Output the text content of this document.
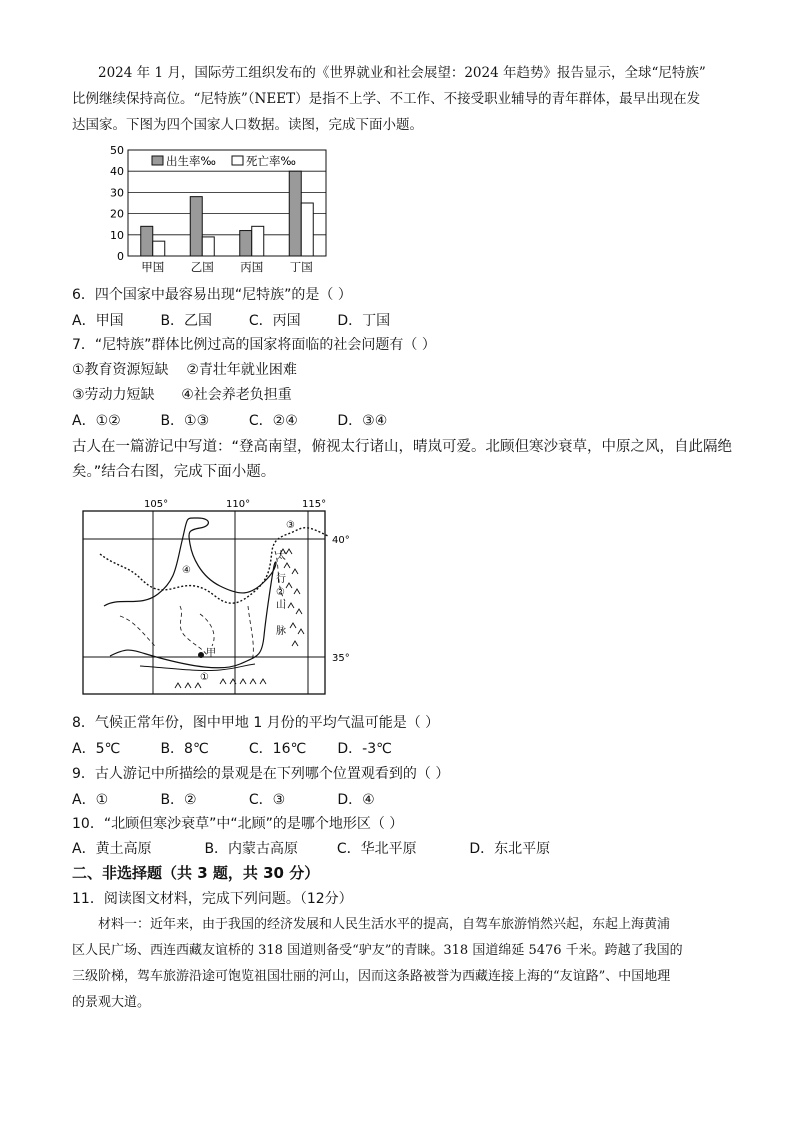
2024 年 1 月，国际劳工组织发布的《世界就业和社会展望：2024 年趋势》报告显示，全球“尼特族”
比例继续保持高位。“尼特族”（NEET）是指不上学、不工作、不接受职业辅导的青年群体，最早出现在发
达国家。下图为四个国家人口数据。读图，完成下面小题。
0
10
20
30
40
50
甲国 乙国 丙国 丁国
出生率‰	死亡率‰
6．四个国家中最容易出现“尼特族”的是（ ）
A．甲国	B．乙国	C．丙国	D．丁国
7．“尼特族”群体比例过高的国家将面临的社会问题有（ ）
①教育资源短缺    ②青壮年就业困难
③劳动力短缺      ④社会养老负担重
A．①②	B．①③	C．②④	D．③④
古人在一篇游记中写道：“登高南望，俯视太行诸山，晴岚可爱。北顾但寒沙衰草，中原之风，自此隔绝
矣。”结合右图，完成下面小题。
105°	110°	115°
40°
35°
太
行
山
脉
①
②
③
④
甲
8．气候正常年份，图中甲地 1 月份的平均气温可能是（ ）
A．5℃	B．8℃	C．16℃ D．-3℃
9．古人游记中所描绘的景观是在下列哪个位置观看到的（ ）
A．①	B．②	C．③	D．④
10．“北顾但寒沙衰草”中“北顾”的是哪个地形区（ ）
A．黄土高原	B．内蒙古高原	C．华北平原	D．东北平原
二、非选择题（共 3 题，共 30 分）
11．阅读图文材料，完成下列问题。（12分）
材料一：近年来，由于我国的经济发展和人民生活水平的提高，自驾车旅游悄然兴起，东起上海黄浦
区人民广场、西连西藏友谊桥的 318 国道则备受“驴友”的青睐。318 国道绵延 5476 千米。跨越了我国的
三级阶梯，驾车旅游沿途可饱览祖国壮丽的河山，因而这条路被誉为西藏连接上海的“友谊路”、中国地理
的景观大道。
